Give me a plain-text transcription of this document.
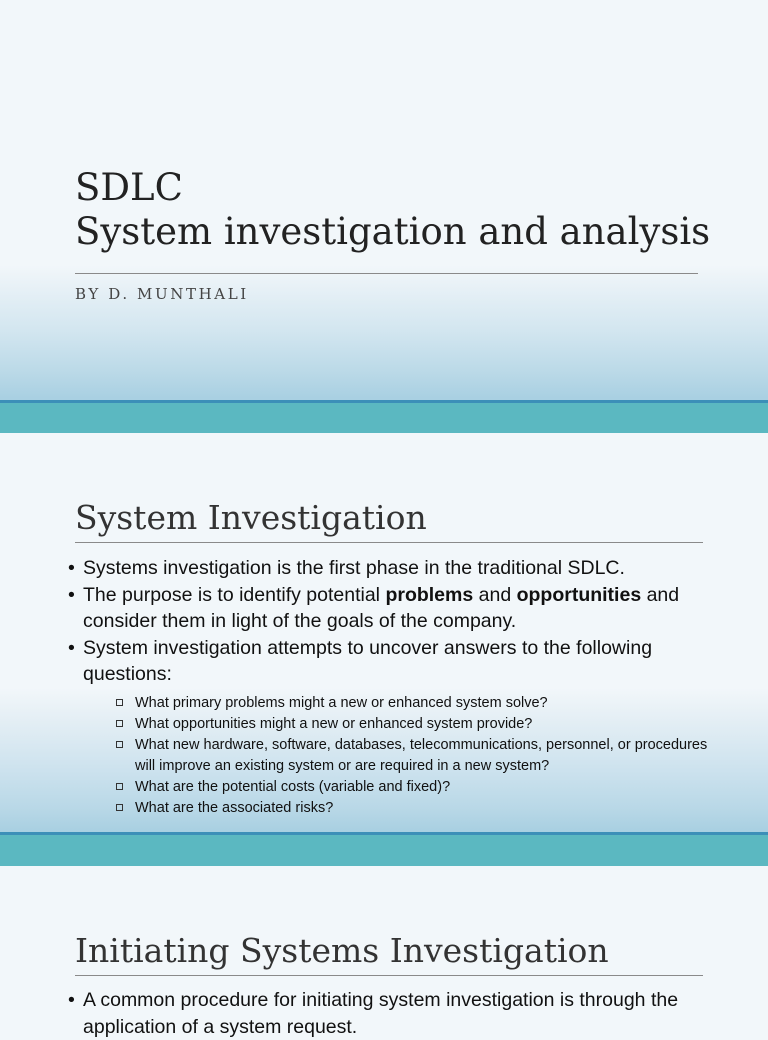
SDLC
System investigation and analysis
BY D. MUNTHALI
System Investigation
• Systems investigation is the first phase in the traditional SDLC.
• The purpose is to identify potential problems and opportunities and consider them in light of the goals of the company.
• System investigation attempts to uncover answers to the following questions:
What primary problems might a new or enhanced system solve?
What opportunities might a new or enhanced system provide?
What new hardware, software, databases, telecommunications, personnel, or procedures will improve an existing system or are required in a new system?
What are the potential costs (variable and fixed)?
What are the associated risks?
Initiating Systems Investigation
• A common procedure for initiating system investigation is through the application of a system request.
